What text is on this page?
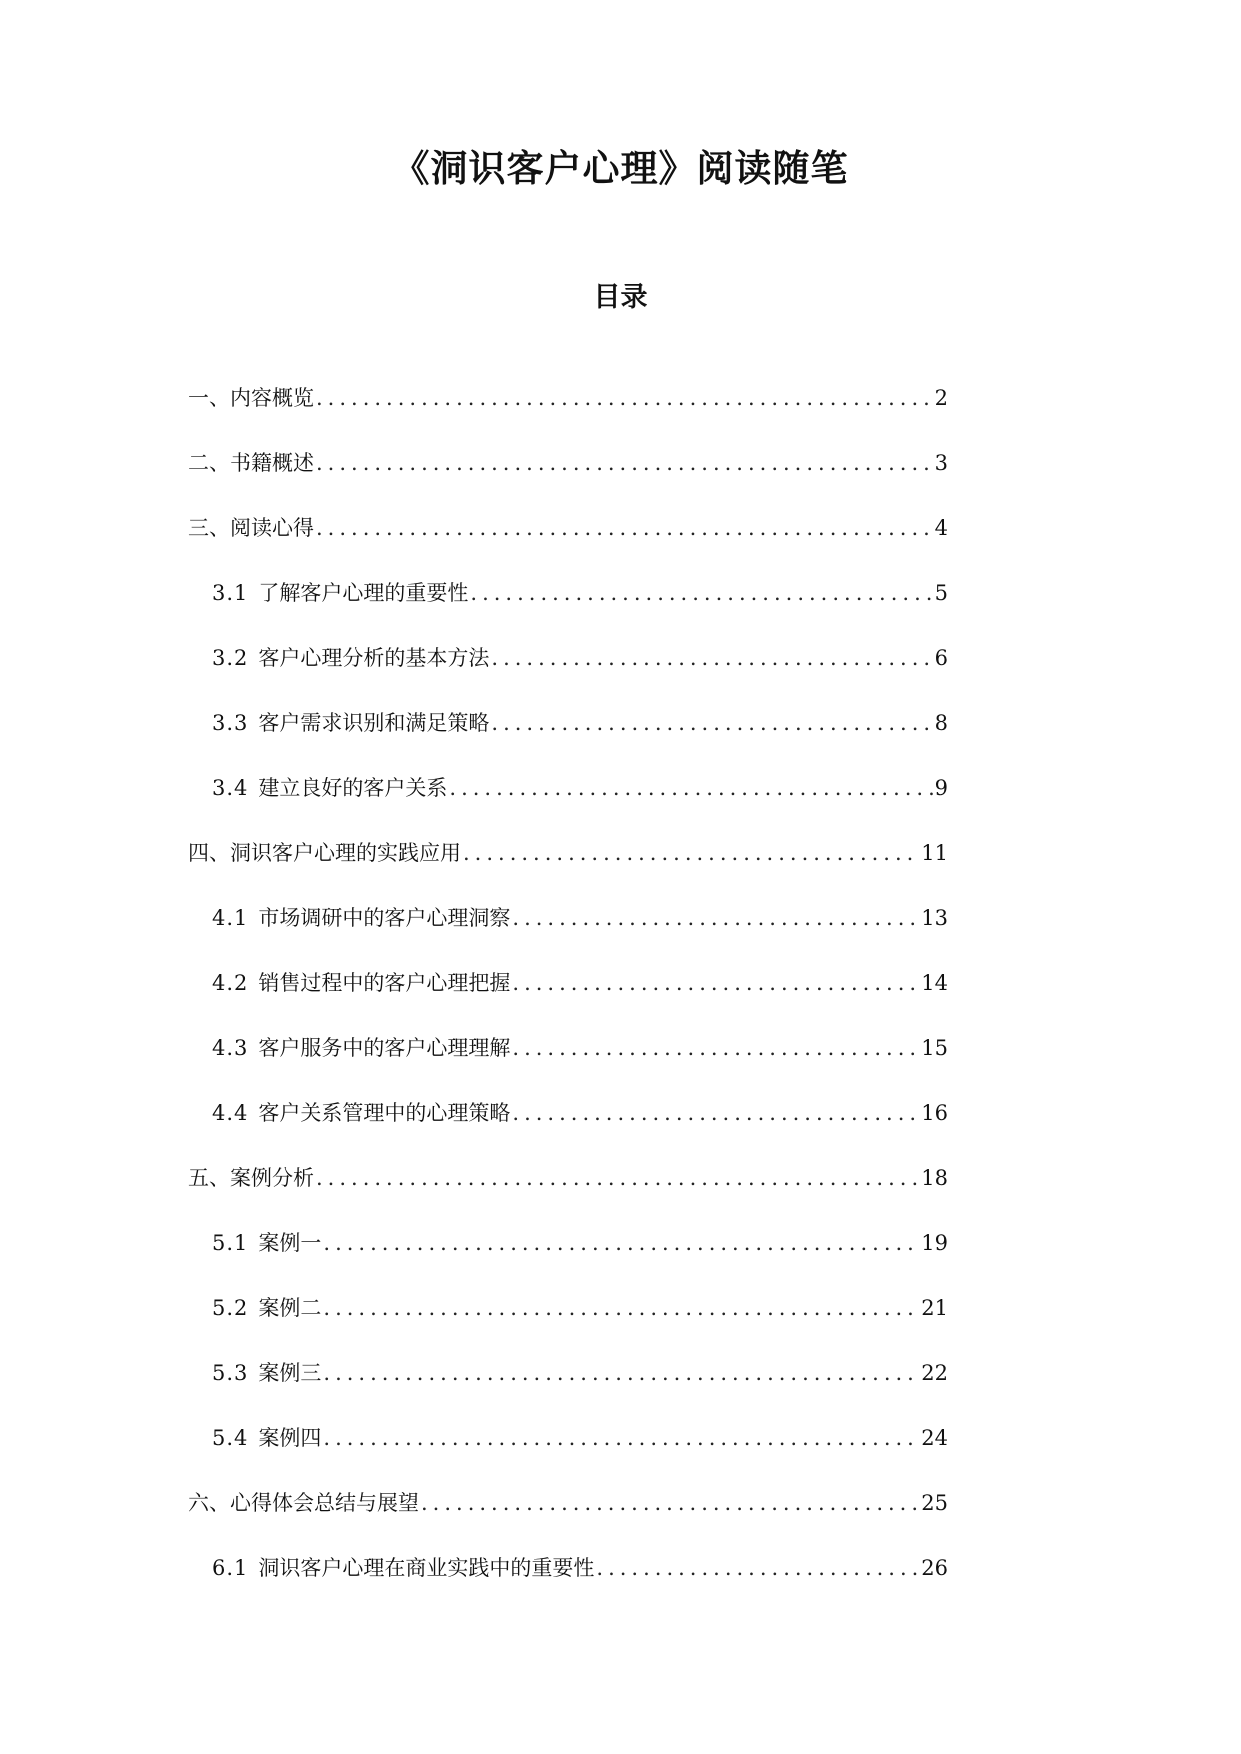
《洞识客户心理》阅读随笔
目录
一、内容概览 .....	2
二、书籍概述 .....	3
三、阅读心得 .....	4
3.1 了解客户心理的重要性 .....	5
3.2 客户心理分析的基本方法 .....	6
3.3 客户需求识别和满足策略 .....	8
3.4 建立良好的客户关系 .....	9
四、洞识客户心理的实践应用 .....	11
4.1 市场调研中的客户心理洞察 .....	13
4.2 销售过程中的客户心理把握 .....	14
4.3 客户服务中的客户心理理解 .....	15
4.4 客户关系管理中的心理策略 .....	16
五、案例分析 .....	18
5.1 案例一 .....	19
5.2 案例二 .....	21
5.3 案例三 .....	22
5.4 案例四 .....	24
六、心得体会总结与展望 .....	25
6.1 洞识客户心理在商业实践中的重要性 .....	26
